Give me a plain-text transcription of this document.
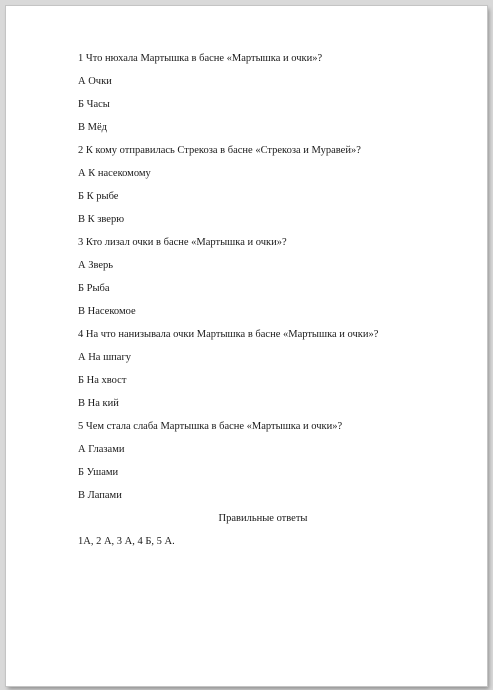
1 Что нюхала Мартышка в басне «Мартышка и очки»?
А Очки
Б Часы
В Мёд
2 К кому отправилась Стрекоза в басне «Стрекоза и Муравей»?
А К насекомому
Б К рыбе
В К зверю
3 Кто лизал очки в басне «Мартышка и очки»?
А Зверь
Б Рыба
В Насекомое
4 На что нанизывала очки Мартышка в басне «Мартышка и очки»?
А На шпагу
Б На хвост
В На кий
5 Чем стала слаба Мартышка в басне «Мартышка и очки»?
А Глазами
Б Ушами
В Лапами
Правильные ответы
1А, 2 А, 3 А, 4 Б, 5 А.
